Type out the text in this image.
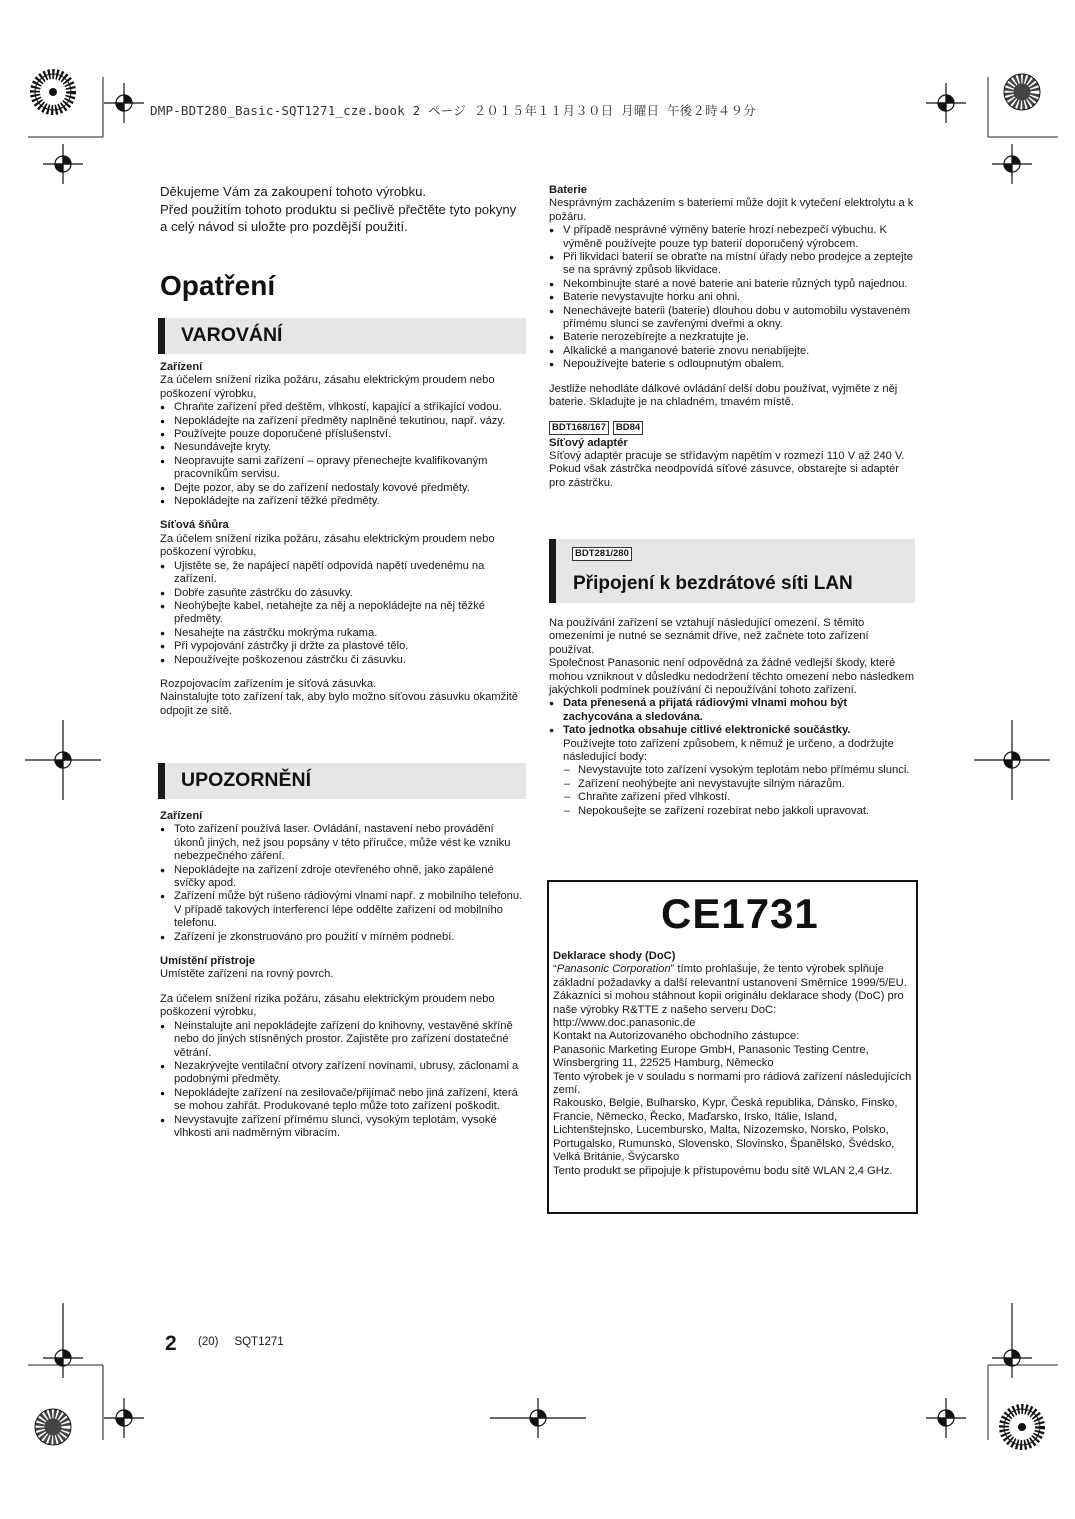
DMP-BDT280_Basic-SQT1271_cze.book 2 ページ ２０１５年１１月３０日 月曜日 午後２時４９分
Děkujeme Vám za zakoupení tohoto výrobku.
Před použitím tohoto produktu si pečlivě přečtěte tyto pokyny a celý návod si uložte pro pozdější použití.
Opatření
VAROVÁNÍ

Zařízení

Za účelem snížení rizika požáru, zásahu elektrickým proudem nebo poškození výrobku,

● Chraňte zařízení před deštěm, vlhkostí, kapající a stříkající vodou.
● Nepokládejte na zařízení předměty naplněné tekutinou, např. vázy.
● Používejte pouze doporučené příslušenství.
● Nesundávejte kryty.
● Neopravujte sami zařízení – opravy přenechejte kvalifikovaným pracovníkům servisu.
● Dejte pozor, aby se do zařízení nedostaly kovové předměty.
● Nepokládejte na zařízení těžké předměty.

Síťová šňůra

Za účelem snížení rizika požáru, zásahu elektrickým proudem nebo poškození výrobku,

● Ujistěte se, že napájecí napětí odpovídá napětí uvedenému na zařízení.
● Dobře zasuňte zástrčku do zásuvky.
● Neohýbejte kabel, netahejte za něj a nepokládejte na něj těžké předměty.
● Nesahejte na zástrčku mokrýma rukama.
● Při vypojování zástrčky ji držte za plastové tělo.
● Nepoužívejte poškozenou zástrčku či zásuvku.

Rozpojovacím zařízením je síťová zásuvka.

Nainstalujte toto zařízení tak, aby bylo možno síťovou zásuvku okamžitě odpojit ze sítě.

UPOZORNĚNÍ

Zařízení

● Toto zařízení používá laser. Ovládání, nastavení nebo provádění úkonů jiných, než jsou popsány v této příručce, může vést ke vzniku nebezpečného záření.
● Nepokládejte na zařízení zdroje otevřeného ohně, jako zapálené svíčky apod.
● Zařízení může být rušeno rádiovými vlnami např. z mobilního telefonu. V případě takových interferencí lépe oddělte zařízení od mobilního telefonu.
● Zařízení je zkonstruováno pro použití v mírném podnebí.

Umístění přístroje

Umístěte zařízení na rovný povrch.

Za účelem snížení rizika požáru, zásahu elektrickým proudem nebo poškození výrobku,

● Neinstalujte ani nepokládejte zařízení do knihovny, vestavěné skříně nebo do jiných stísněných prostor. Zajistěte pro zařízení dostatečné větrání.
● Nezakrývejte ventilační otvory zařízení novinami, ubrusy, záclonami a podobnými předměty.
● Nepokládejte zařízení na zesilovače/přijímač nebo jiná zařízení, která se mohou zahřát. Produkované teplo může toto zařízení poškodit.
● Nevystavujte zařízení přímému slunci, vysokým teplotám, vysoké vlhkosti ani nadměrným vibracím.

Baterie

Nesprávným zacházením s bateriemi může dojít k vytečení elektrolytu a k požáru.

● V případě nesprávné výměny baterie hrozí nebezpečí výbuchu. K výměně používejte pouze typ baterií doporučený výrobcem.
● Při likvidaci baterií se obraťte na místní úřady nebo prodejce a zeptejte se na správný způsob likvidace.
● Nekombinujte staré a nové baterie ani baterie různých typů najednou.
● Baterie nevystavujte horku ani ohni.
● Nenechávejte baterii (baterie) dlouhou dobu v automobilu vystaveném přímému slunci se zavřenými dveřmi a okny.
● Baterie nerozebírejte a nezkratujte je.
● Alkalické a manganové baterie znovu nenabíjejte.
● Nepoužívejte baterie s odloupnutým obalem.

Jestliže nehodláte dálkové ovládání delší dobu používat, vyjměte z něj baterie. Skladujte je na chladném, tmavém místě.

BDT168/167 BD84

Síťový adaptér

Síťový adaptér pracuje se střídavým napětím v rozmezí 110 V až 240 V.

Pokud však zástrčka neodpovídá síťové zásuvce, obstarejte si adaptér pro zástrčku.

BDT281/280
Připojení k bezdrátové síti LAN

Na používání zařízení se vztahují následující omezení. S těmito omezeními je nutné se seznámit dříve, než začnete toto zařízení používat.

Společnost Panasonic není odpovědná za žádné vedlejší škody, které mohou vzniknout v důsledku nedodržení těchto omezení nebo následkem jakýchkoli podmínek používání či nepoužívání tohoto zařízení.

● Data přenesená a přijatá rádiovými vlnami mohou být zachycována a sledována.
● Tato jednotka obsahuje citlivé elektronické součástky.
Používejte toto zařízení způsobem, k němuž je určeno, a dodržujte následující body:
– Nevystavujte toto zařízení vysokým teplotám nebo přímému slunci.
– Zařízení neohýbejte ani nevystavujte silným nárazům.
– Chraňte zařízení před vlhkostí.
– Nepokoušejte se zařízení rozebírat nebo jakkoli upravovat.
CE1731

Deklarace shody (DoC)

“Panasonic Corporation” tímto prohlašuje, že tento výrobek splňuje základní požadavky a další relevantní ustanovení Směrnice 1999/5/EU.

Zákazníci si mohou stáhnout kopii originálu deklarace shody (DoC) pro naše výrobky R&TTE z našeho serveru DoC:

http://www.doc.panasonic.de

Kontakt na Autorizovaného obchodního zástupce:

Panasonic Marketing Europe GmbH, Panasonic Testing Centre, Winsbergring 11, 22525 Hamburg, Německo

Tento výrobek je v souladu s normami pro rádiová zařízení následujících zemí.

Rakousko, Belgie, Bulharsko, Kypr, Česká republika, Dánsko, Finsko, Francie, Německo, Řecko, Maďarsko, Irsko, Itálie, Island, Lichtenštejnsko, Lucembursko, Malta, Nizozemsko, Norsko, Polsko, Portugalsko, Rumunsko, Slovensko, Slovinsko, Španělsko, Švédsko, Velká Británie, Švýcarsko

Tento produkt se připojuje k přístupovému bodu sítě WLAN 2,4 GHz.

2 (20) SQT1271
